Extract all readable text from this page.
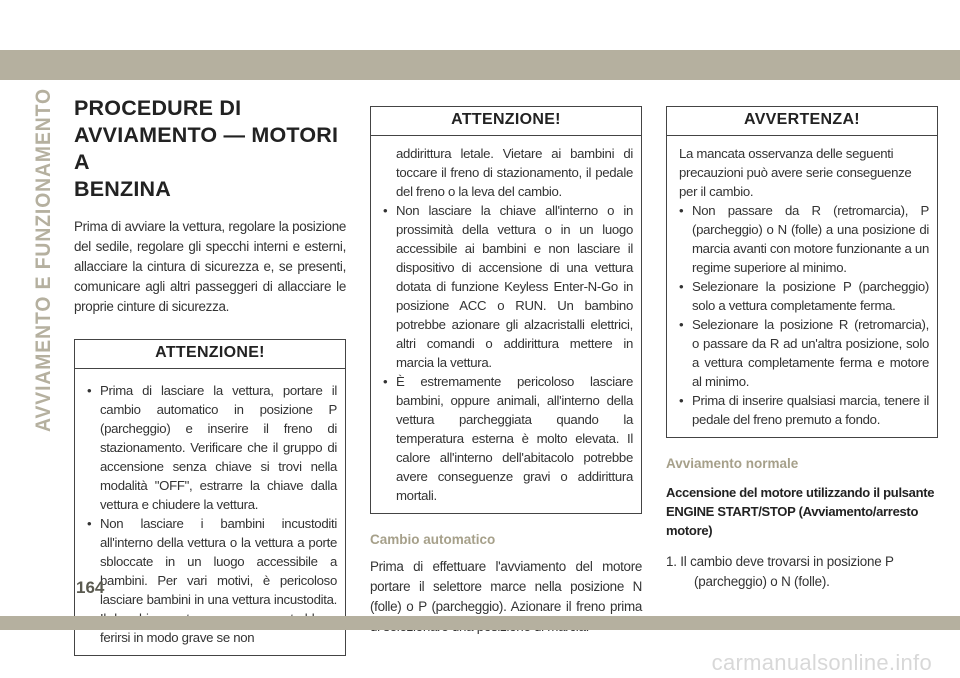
AVVIAMENTO E FUNZIONAMENTO PROCEDURE DI
AVVIAMENTO — MOTORI A
BENZINA

Prima di avviare la vettura, regolare la posizione del sedile, regolare gli specchi interni e esterni, allacciare la cintura di sicurezza e, se presenti, comunicare agli altri passeggeri di allacciare le proprie cinture di sicurezza.

ATTENZIONE!
• Prima di lasciare la vettura, portare il cambio automatico in posizione P (parcheggio) e inserire il freno di stazionamento. Verificare che il gruppo di accensione senza chiave si trovi nella modalità "OFF", estrarre la chiave dalla vettura e chiudere la vettura.
• Non lasciare i bambini incustoditi all'interno della vettura o la vettura a porte sbloccate in un luogo accessibile a bambini. Per vari motivi, è pericoloso lasciare bambini in una vettura incustodita. ferirsi in modo grave se non
ATTENZIONE!
addirittura letale. Vietare ai bambini di toccare il freno di stazionamento, il pedale del freno o la leva del cambio.
• Non lasciare la chiave all'interno o in prossimità della vettura o in un luogo accessibile ai bambini e non lasciare il dispositivo di accensione di una vettura dotata di funzione Keyless Enter-N-Go in posizione ACC o RUN. Un bambino potrebbe azionare gli alzacristalli elettrici, altri comandi o addirittura mettere in marcia la vettura.
• È estremamente pericoloso lasciare bambini, oppure animali, all'interno della vettura parcheggiata quando la temperatura esterna è molto elevata. Il calore all'interno dell'abitacolo potrebbe avere conseguenze gravi o addirittura mortali.
Cambio automatico

Prima di effettuare l'avviamento del motore portare il selettore marce nella posizione N (folle) o P (parcheggio). Azionare il freno prima

AVVERTENZA!
La mancata osservanza delle seguenti precauzioni può avere serie conseguenze per il cambio.
• Non passare da R (retromarcia), P (parcheggio) o N (folle) a una posizione di marcia avanti con motore funzionante a un regime superiore al minimo.
• Selezionare la posizione P (parcheggio) solo a vettura completamente ferma.
• Selezionare la posizione R (retromarcia), o passare da R ad un'altra posizione, solo a vettura completamente ferma e motore al minimo.
• Prima di inserire qualsiasi marcia, tenere il pedale del freno premuto a fondo.
Avviamento normale
Accensione del motore utilizzando il pulsante ENGINE START/STOP (Avviamento/arresto motore)
1. Il cambio deve trovarsi in posizione P (parcheggio) o N (folle).
164
carmanualsonline.info
